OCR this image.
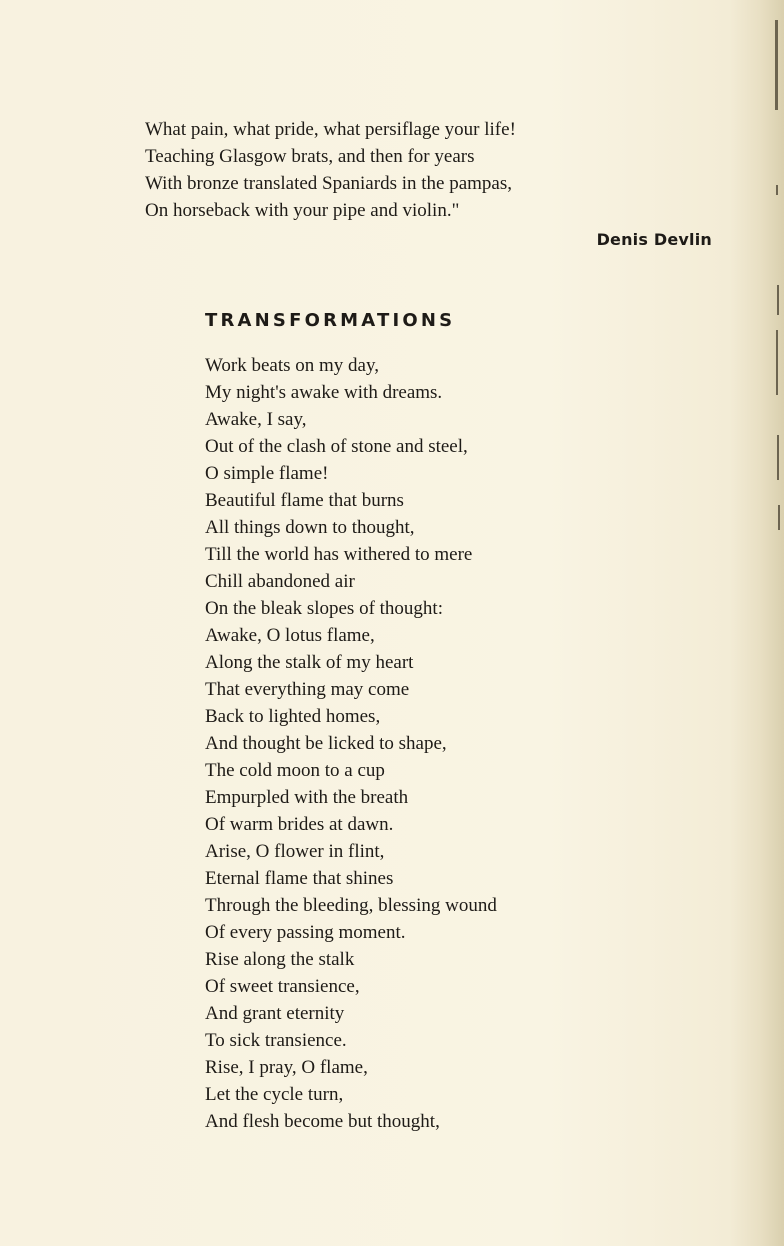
What pain, what pride, what persiflage your life!

Teaching Glasgow brats, and then for years

With bronze translated Spaniards in the pampas,

On horseback with your pipe and violin."

Denis Devlin
TRANSFORMATIONS

Work beats on my day,

My night's awake with dreams.

Awake, I say,

Out of the clash of stone and steel,

O simple flame!

Beautiful flame that burns

All things down to thought,

Till the world has withered to mere

Chill abandoned air

On the bleak slopes of thought:

Awake, O lotus flame,

Along the stalk of my heart

That everything may come

Back to lighted homes,

And thought be licked to shape,

The cold moon to a cup

Empurpled with the breath

Of warm brides at dawn.

Arise, O flower in flint,

Eternal flame that shines

Through the bleeding, blessing wound

Of every passing moment.

Rise along the stalk

Of sweet transience,

And grant eternity

To sick transience.

Rise, I pray, O flame,

Let the cycle turn,

And flesh become but thought,
